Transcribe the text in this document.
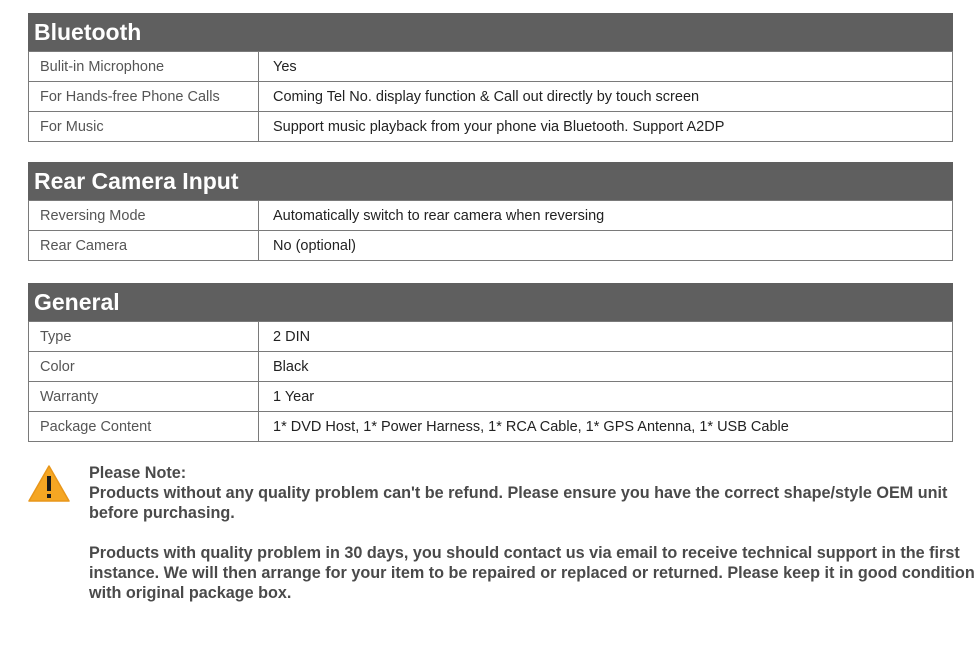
Bluetooth
Bulit-in Microphone	Yes
For Hands-free Phone Calls	Coming Tel No. display function & Call out directly by touch screen
For Music	Support music playback from your phone via Bluetooth. Support A2DP
Rear Camera Input
Reversing Mode	Automatically switch to rear camera when reversing
Rear Camera	No (optional)
General
Type	2 DIN
Color	Black
Warranty	1 Year
Package Content	1* DVD Host, 1* Power Harness, 1* RCA Cable, 1* GPS Antenna, 1* USB Cable

Please Note:

Products without any quality problem can't be refund. Please ensure you have the correct shape/style OEM unit before purchasing.

Products with quality problem in 30 days, you should contact us via email to receive technical support in the first instance. We will then arrange for your item to be repaired or replaced or returned. Please keep it in good condition with original package box.
